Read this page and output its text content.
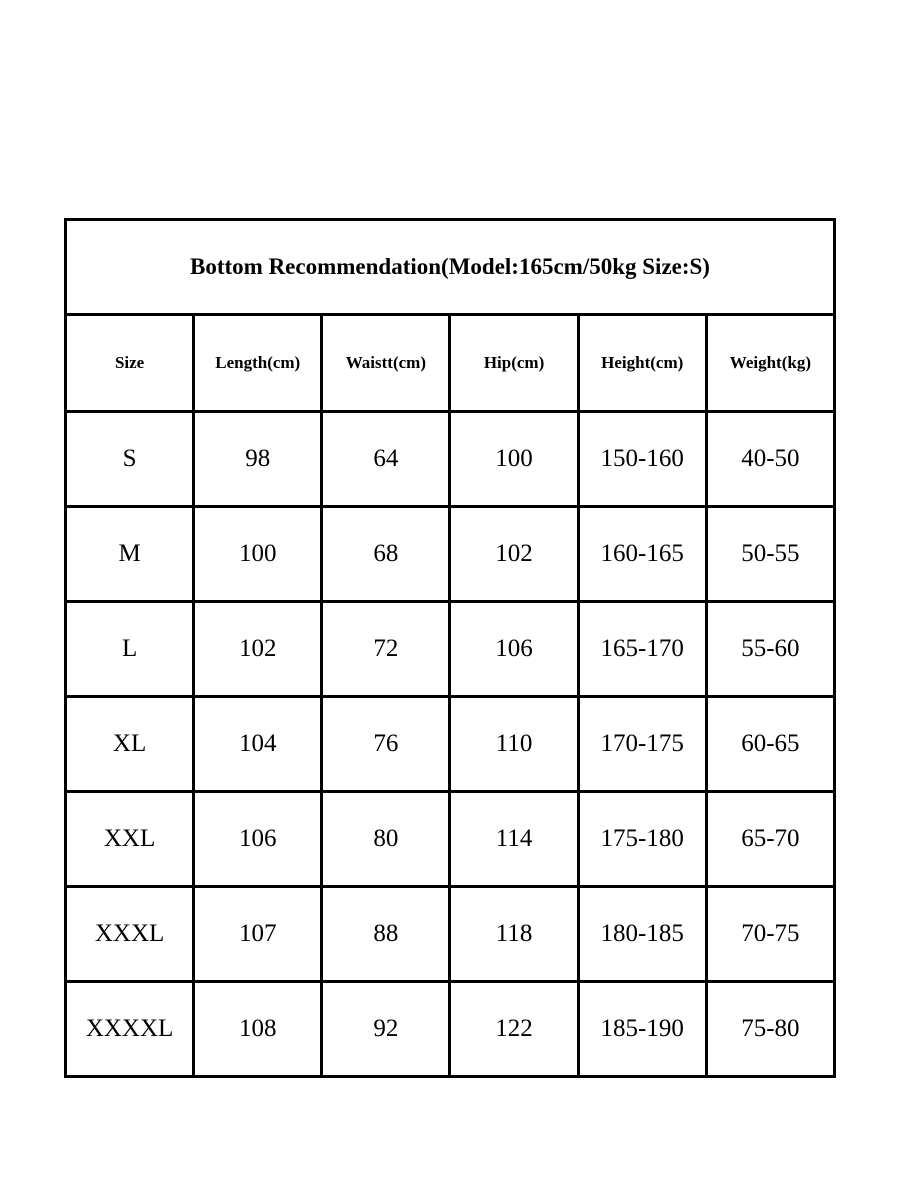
Bottom Recommendation(Model:165cm/50kg Size:S)					
Size	Length(cm)	Waistt(cm)	Hip(cm)	Height(cm)	Weight(kg)
S	98	64	100	150-160	40-50
M	100	68	102	160-165	50-55
L	102	72	106	165-170	55-60
XL	104	76	110	170-175	60-65
XXL	106	80	114	175-180	65-70
XXXL	107	88	118	180-185	70-75
XXXXL	108	92	122	185-190	75-80
